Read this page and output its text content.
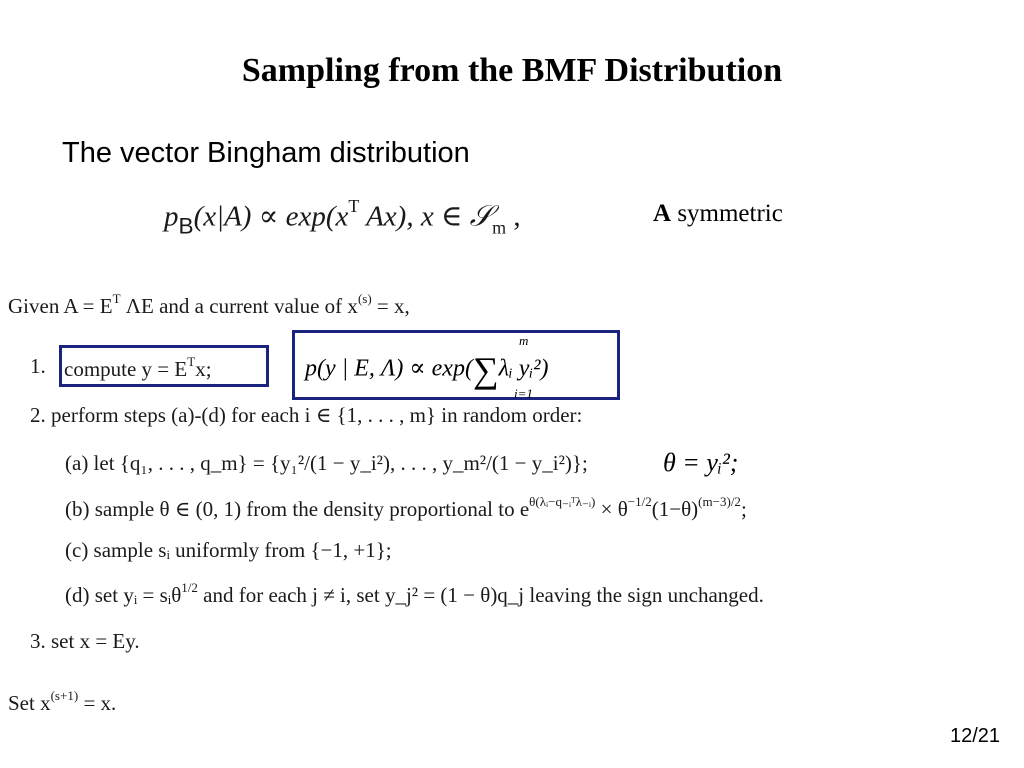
Sampling from the BMF Distribution
The vector Bingham distribution
$p_B(x|A) \propto \exp(x^T$ Ax), x ∈ 𝒮$_m$ ,	A symmetric
Given $A = E^T$ ΛE and a current value of $x^{(s)} = x$,
1. compute $y = E^Tx$;	p(y | E, Λ) ∝ exp(∑λᵢ yᵢ²)
m
i=1
2. perform steps (a)-(d) for each i ∈ {1, . . . , m} in random order:
(a) let {q₁, . . . , q_m} = {y₁²/(1 − y_i²), . . . , y_m²/(1 − y_i²)};	θ = yᵢ²;
(b) sample θ ∈ (0, 1) from the density proportional to $e^{\theta(\lambda ᵢ-q_-ᵢᵀ\lambda_-ᵢ)} \times \theta^{-1/2}(1-\theta)^{(m-3)/2}$;
(c) sample sᵢ uniformly from {−1, +1};
(d) set yᵢ = sᵢθ$^{1/2}$ and for each j ≠ i, set y_j² = (1 − θ)q_j leaving the sign unchanged.
3. set x = Ey.
Set $x^{(s+1)} = x$.
12/21
